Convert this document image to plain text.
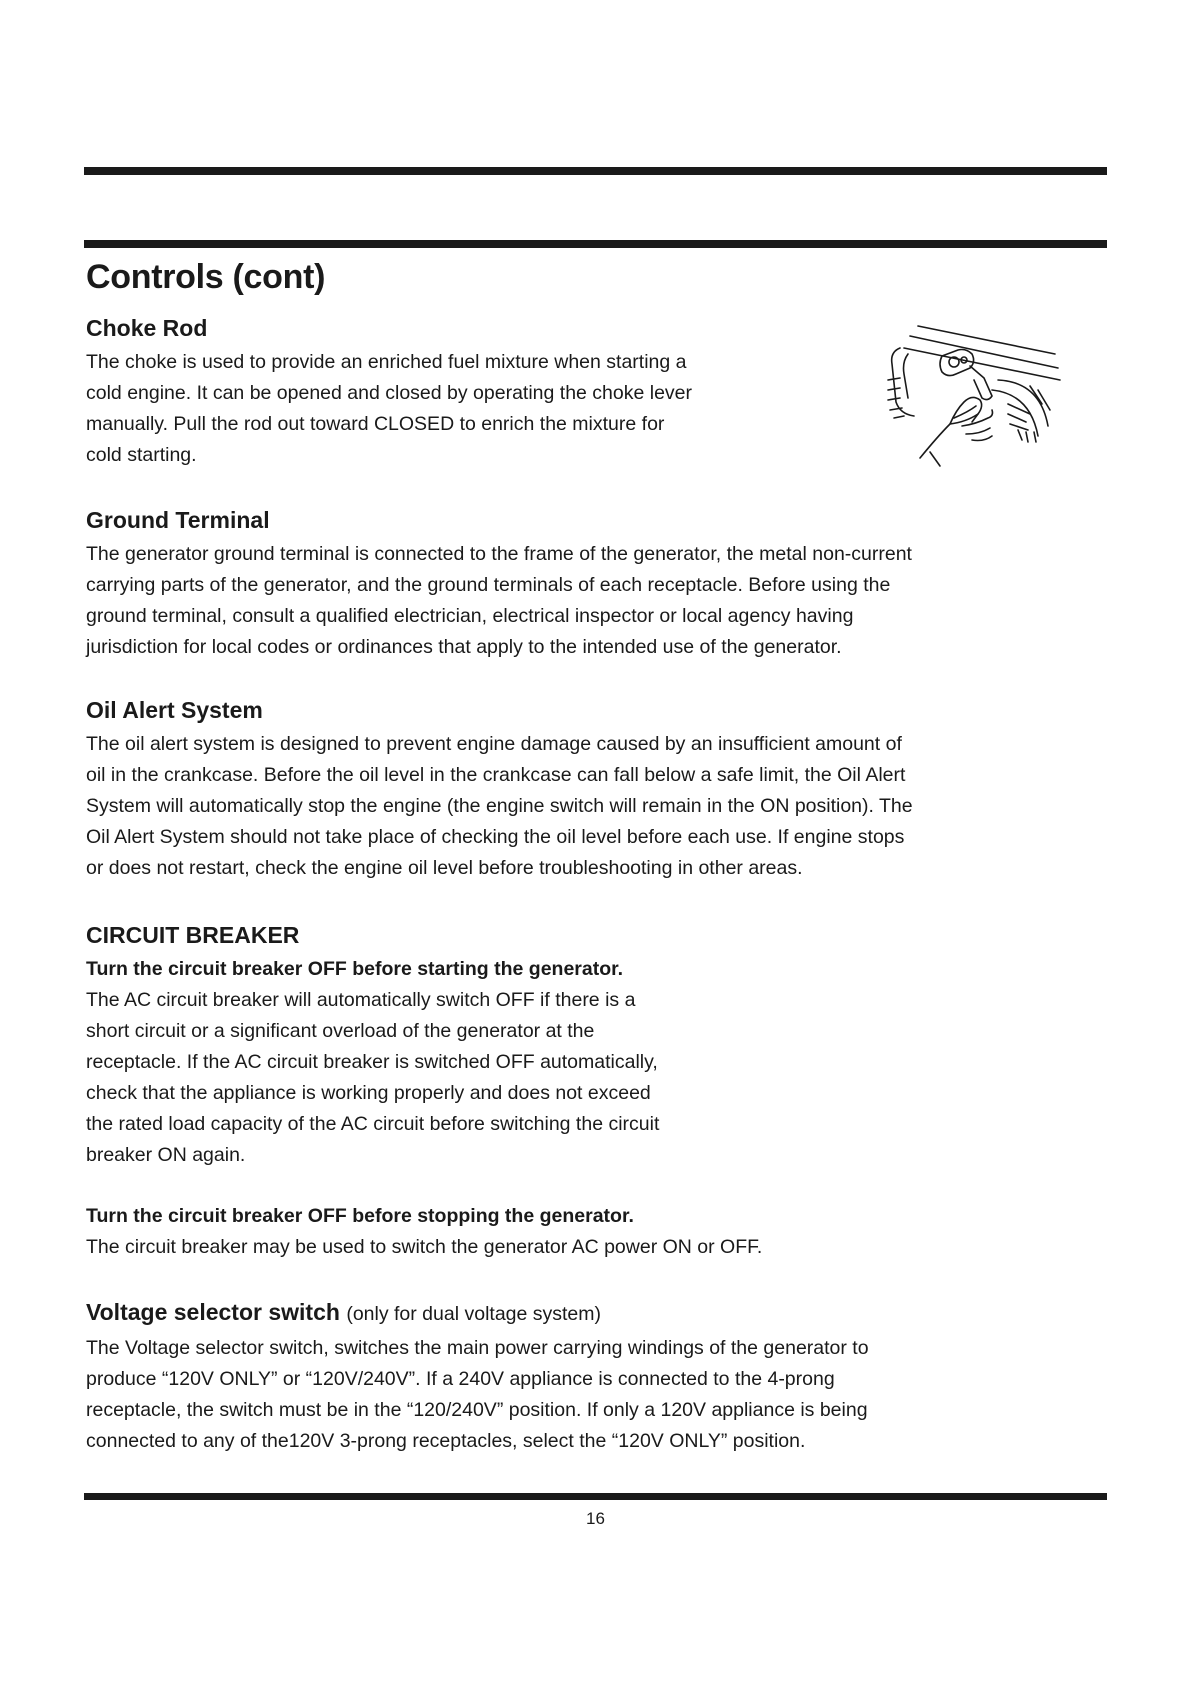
Controls (cont)
Choke Rod

The choke is used to provide an enriched fuel mixture when starting a

cold engine. It can be opened and closed by operating the choke lever

manually. Pull the rod out toward CLOSED to enrich the mixture for

cold starting.

Ground Terminal

The generator ground terminal is connected to the frame of the generator, the metal non-current

carrying parts of the generator, and the ground terminals of each receptacle. Before using the

ground terminal, consult a qualified electrician, electrical inspector or local agency having

jurisdiction for local codes or ordinances that apply to the intended use of the generator.

Oil Alert System

The oil alert system is designed to prevent engine damage caused by an insufficient amount of

oil in the crankcase. Before the oil level in the crankcase can fall below a safe limit, the Oil Alert

System will automatically stop the engine (the engine switch will remain in the ON position). The

Oil Alert System should not take place of checking the oil level before each use. If engine stops

or does not restart, check the engine oil level before troubleshooting in other areas.

CIRCUIT BREAKER

Turn the circuit breaker OFF before starting the generator.

The AC circuit breaker will automatically switch OFF if there is a

short circuit or a significant overload of the generator at the

receptacle. If the AC circuit breaker is switched OFF automatically,

check that the appliance is working properly and does not exceed

the rated load capacity of the AC circuit before switching the circuit

breaker ON again.

Turn the circuit breaker OFF before stopping the generator.

The circuit breaker may be used to switch the generator AC power ON or OFF.

Voltage selector switch (only for dual voltage system)

The Voltage selector switch, switches the main power carrying windings of the generator to

produce “120V ONLY” or “120V/240V”. If a 240V appliance is connected to the 4-prong

receptacle, the switch must be in the “120/240V” position. If only a 120V appliance is being

connected to any of the120V 3-prong receptacles, select the “120V ONLY” position.

16
